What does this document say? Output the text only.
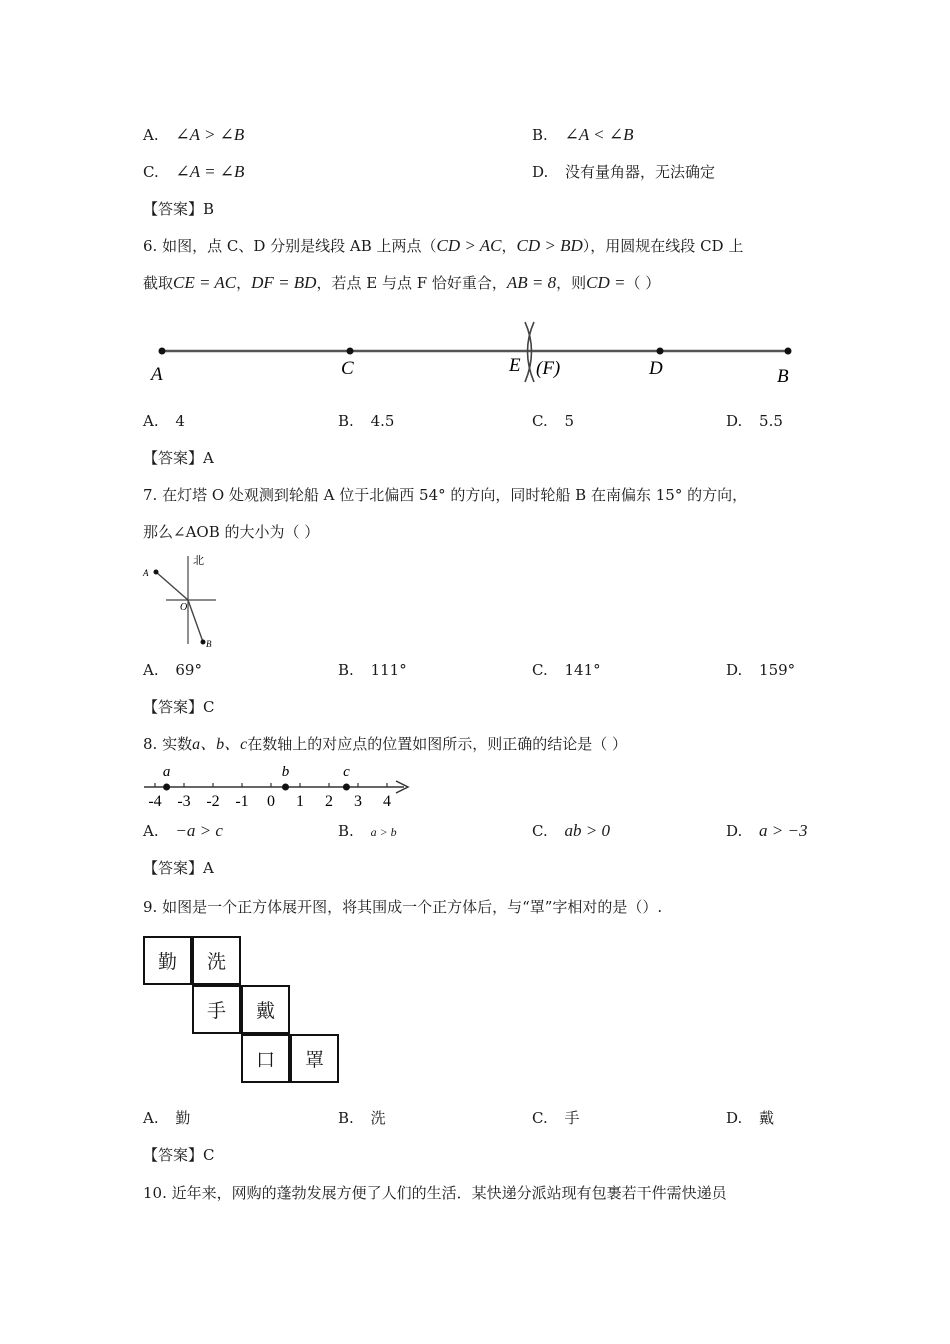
A. ∠A > ∠B	B. ∠A < ∠B
C. ∠A = ∠B	D. 没有量角器，无法确定
【答案】B
6. 如图，点 C、D 分别是线段 AB 上两点（CD > AC，CD > BD），用圆规在线段 CD 上
截取CE = AC，DF = BD，若点 E 与点 F 恰好重合，AB = 8，则CD =（ ）
A	C	E (F)	D	B
A. 4	B. 4.5	C. 5	D. 5.5
【答案】A
7. 在灯塔 O 处观测到轮船 A 位于北偏西 54° 的方向，同时轮船 B 在南偏东 15° 的方向，
那么∠AOB 的大小为（ ）
北
A
O
B
A. 69°	B. 111°	C. 141°	D. 159°
【答案】C
8. 实数a、b、c在数轴上的对应点的位置如图所示，则正确的结论是（ ）
-4 -3 -2 -1 0 1 2 3 4
a	b	c
A. −a > c	B. a > b	C. ab > 0	D. a > −3
【答案】A
9. 如图是一个正方体展开图，将其围成一个正方体后，与“罩”字相对的是（）.
勤	洗
手	戴
口	罩
A. 勤	B. 洗	C. 手	D. 戴
【答案】C
10. 近年来，网购的蓬勃发展方便了人们的生活．某快递分派站现有包裹若干件需快递员
